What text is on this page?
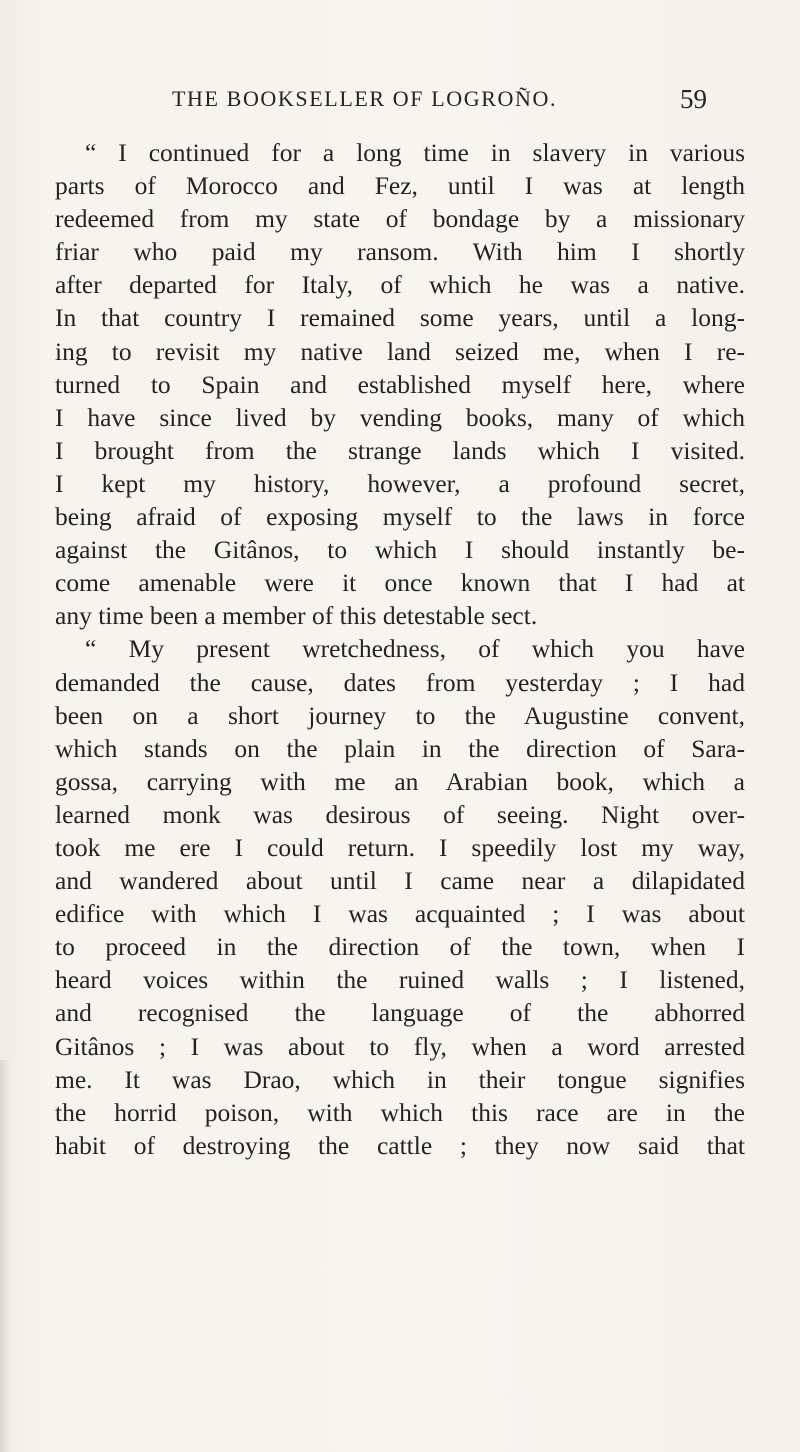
THE BOOKSELLER OF LOGROÑO.	59
“ I continued for a long time in slavery in various
parts of Morocco and Fez, until I was at length
redeemed from my state of bondage by a missionary
friar who paid my ransom. With him I shortly
after departed for Italy, of which he was a native.
In that country I remained some years, until a long-
ing to revisit my native land seized me, when I re-
turned to Spain and established myself here, where
I have since lived by vending books, many of which
I brought from the strange lands which I visited.
I kept my history, however, a profound secret,
being afraid of exposing myself to the laws in force
against the Gitânos, to which I should instantly be-
come amenable were it once known that I had at
any time been a member of this detestable sect.
“ My present wretchedness, of which you have
demanded the cause, dates from yesterday ; I had
been on a short journey to the Augustine convent,
which stands on the plain in the direction of Sara-
gossa, carrying with me an Arabian book, which a
learned monk was desirous of seeing. Night over-
took me ere I could return. I speedily lost my way,
and wandered about until I came near a dilapidated
edifice with which I was acquainted ; I was about
to proceed in the direction of the town, when I
heard voices within the ruined walls ; I listened,
and recognised the language of the abhorred
Gitânos ; I was about to fly, when a word arrested
me. It was Drao, which in their tongue signifies
the horrid poison, with which this race are in the
habit of destroying the cattle ; they now said that
